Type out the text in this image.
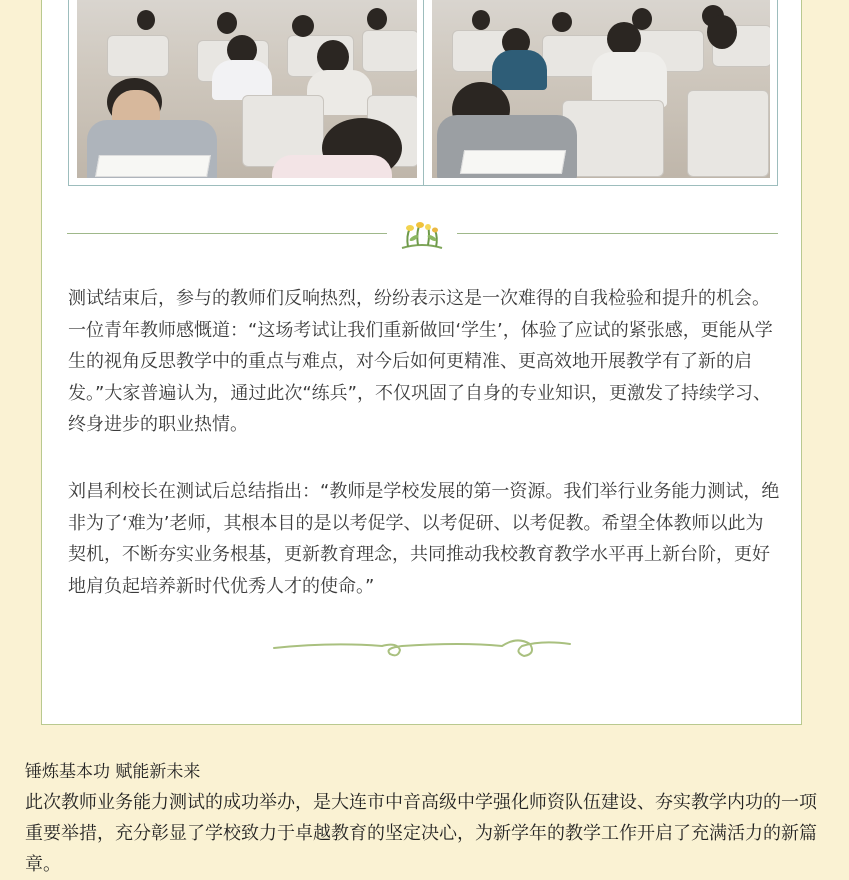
测试结束后，参与的教师们反响热烈，纷纷表示这是一次难得的自我检验和提升的机会。一位青年教师感慨道：“这场考试让我们重新做回‘学生’，体验了应试的紧张感，更能从学生的视角反思教学中的重点与难点，对今后如何更精准、更高效地开展教学有了新的启发。”大家普遍认为，通过此次“练兵”，不仅巩固了自身的专业知识，更激发了持续学习、终身进步的职业热情。

刘昌利校长在测试后总结指出：“教师是学校发展的第一资源。我们举行业务能力测试，绝非为了‘难为’老师，其根本目的是以考促学、以考促研、以考促教。希望全体教师以此为契机，不断夯实业务根基，更新教育理念，共同推动我校教育教学水平再上新台阶，更好地肩负起培养新时代优秀人才的使命。”

锤炼基本功 赋能新未来

此次教师业务能力测试的成功举办，是大连市中音高级中学强化师资队伍建设、夯实教学内功的一项重要举措，充分彰显了学校致力于卓越教育的坚定决心，为新学年的教学工作开启了充满活力的新篇章。
